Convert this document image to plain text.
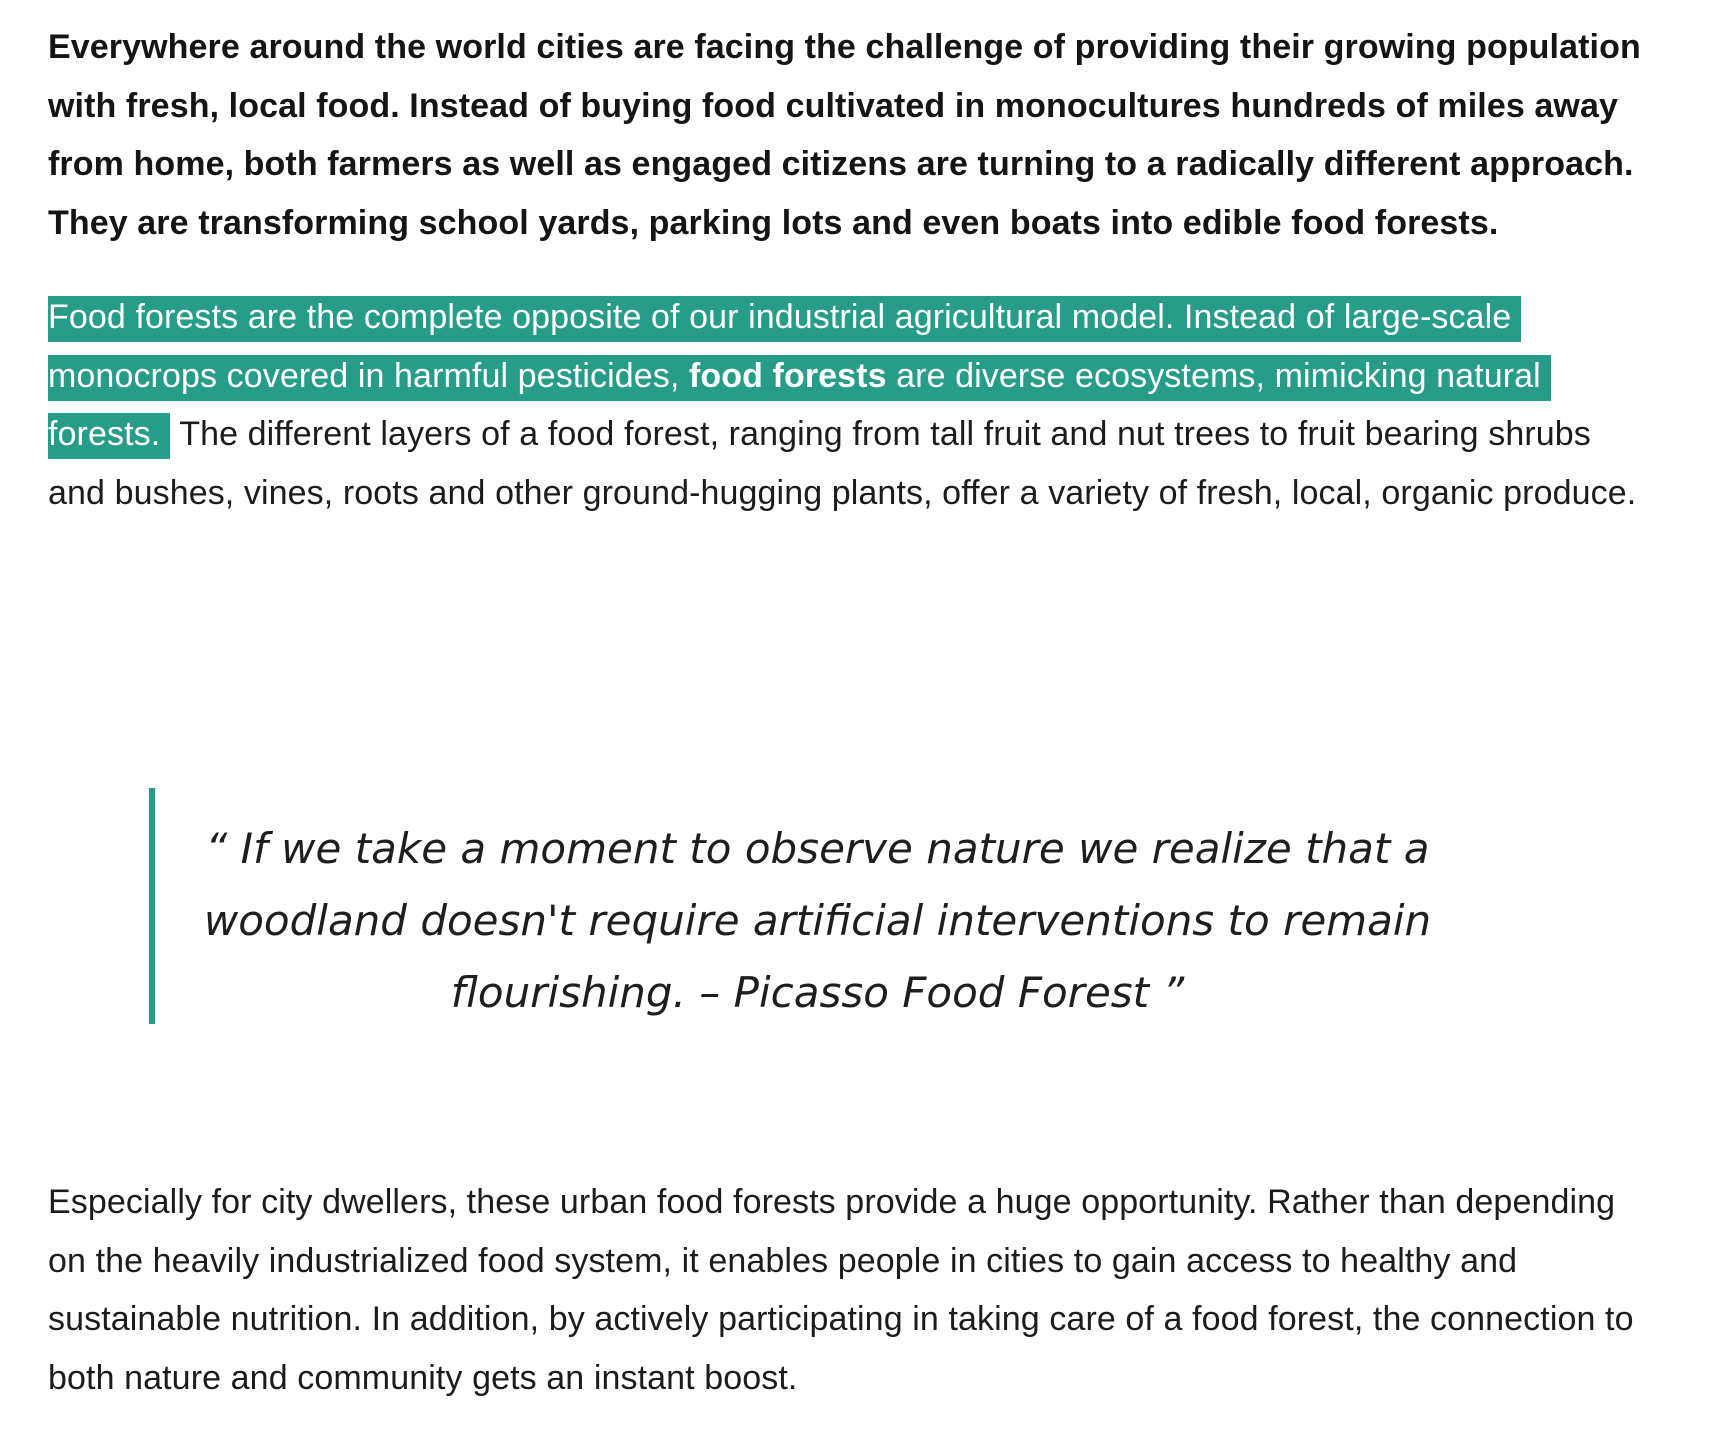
Everywhere around the world cities are facing the challenge of providing their growing population with fresh, local food. Instead of buying food cultivated in monocultures hundreds of miles away from home, both farmers as well as engaged citizens are turning to a radically different approach. They are transforming school yards, parking lots and even boats into edible food forests.

Food forests are the complete opposite of our industrial agricultural model. Instead of large-scale monocrops covered in harmful pesticides, food forests are diverse ecosystems, mimicking natural forests. The different layers of a food forest, ranging from tall fruit and nut trees to fruit bearing shrubs and bushes, vines, roots and other ground-hugging plants, offer a variety of fresh, local, organic produce.

“ If we take a moment to observe nature we realize that a woodland doesn't require artificial interventions to remain flourishing. – Picasso Food Forest ”

Especially for city dwellers, these urban food forests provide a huge opportunity. Rather than depending on the heavily industrialized food system, it enables people in cities to gain access to healthy and sustainable nutrition. In addition, by actively participating in taking care of a food forest, the connection to both nature and community gets an instant boost.
